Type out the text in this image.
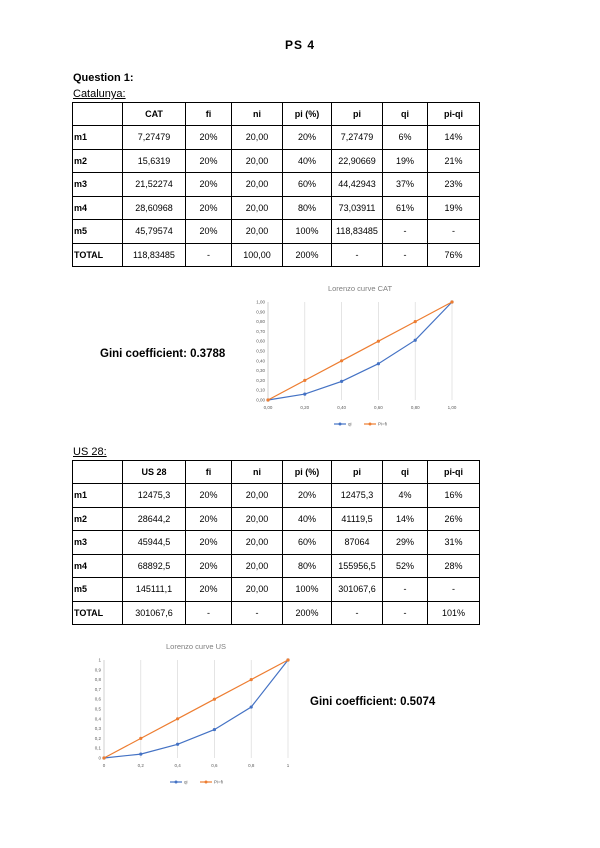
PS 4
Question 1:
Catalunya:
	CAT	fi	ni	pi (%)	pi	qi	pi-qi
m1	7,27479	20%	20,00	20%	7,27479	6%	14%
m2	15,6319	20%	20,00	40%	22,90669	19%	21%
m3	21,52274	20%	20,00	60%	44,42943	37%	23%
m4	28,60968	20%	20,00	80%	73,03911	61%	19%
m5	45,79574	20%	20,00	100%	118,83485	-	-
TOTAL	118,83485	-	100,00	200%	-	-	76%
Gini coefficient: 0.3788
Lorenzo curve CAT
0,00	0,20	0,40	0,60	0,80	1,00
0,00
0,10
0,20
0,30
0,40
0,50
0,60
0,70
0,80
0,90
1,00
qi	Pi=fi
US 28:
	US 28	fi	ni	pi (%)	pi	qi	pi-qi
m1	12475,3	20%	20,00	20%	12475,3	4%	16%
m2	28644,2	20%	20,00	40%	41119,5	14%	26%
m3	45944,5	20%	20,00	60%	87064	29%	31%
m4	68892,5	20%	20,00	80%	155956,5	52%	28%
m5	145111,1	20%	20,00	100%	301067,6	-	-
TOTAL	301067,6	-	-	200%	-	-	101%
Gini coefficient: 0.5074
Lorenzo curve US
0	0,2	0,4	0,6	0,8	1
0
0,1
0,2
0,3
0,4
0,5
0,6
0,7
0,8
0,9
1
qi	Pi=fi
